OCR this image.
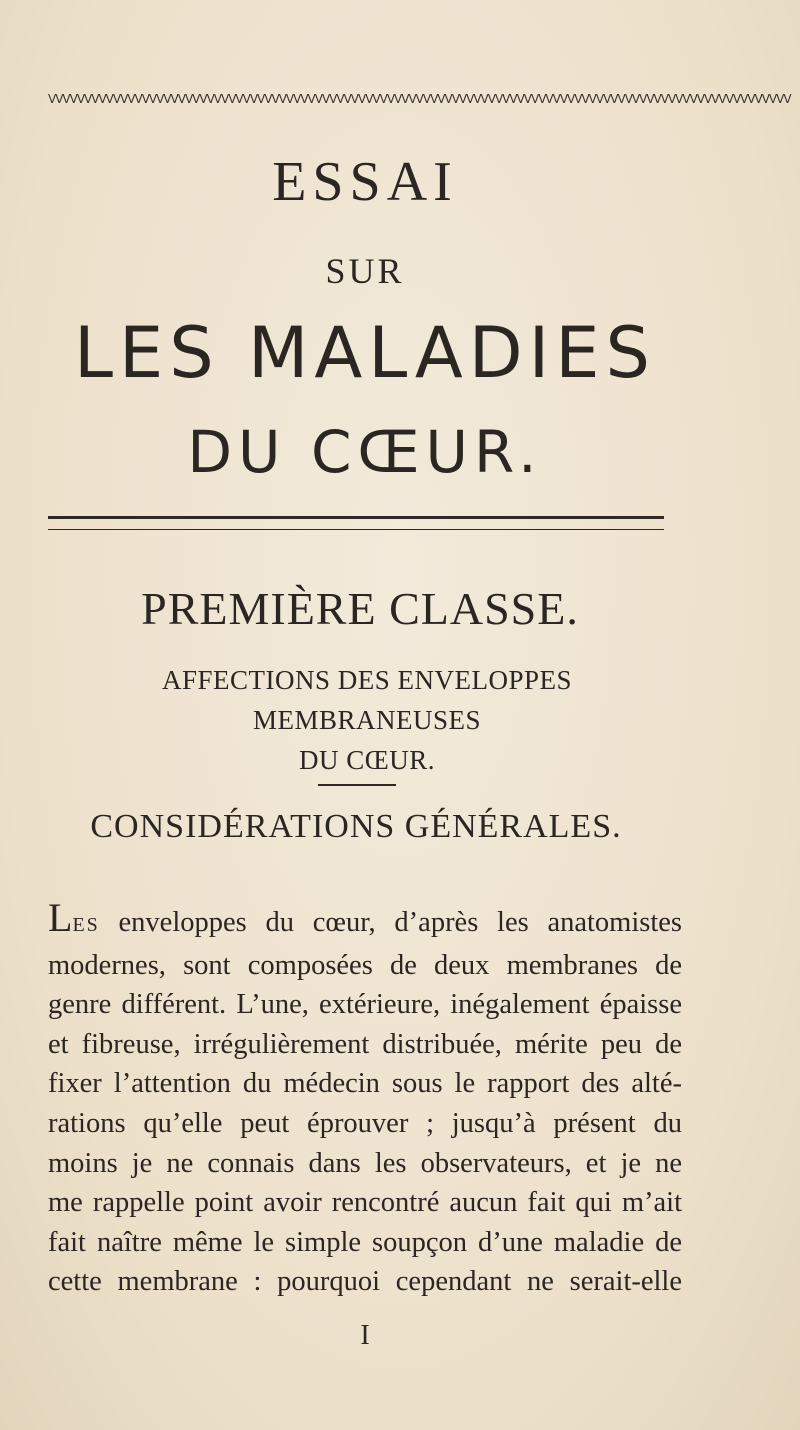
VVVVVVVVVVVVVVVVVVVVVVVVVVVVVVVVVVVVVVVVVVVVVVVVVVVVVVVVVVVVVVVVVVVVVVVVVVVVVVVVVVVVVVVVVVVVVVVVVVVVVVV
ESSAI
SUR
LES MALADIES
DU CŒUR.
PREMIÈRE CLASSE.
AFFECTIONS DES ENVELOPPES MEMBRANEUSES
DU CŒUR.
CONSIDÉRATIONS GÉNÉRALES.
LES enveloppes du cœur, d’après les anatomistes
modernes, sont composées de deux membranes de
genre différent. L’une, extérieure, inégalement épaisse
et fibreuse, irrégulièrement distribuée, mérite peu de
fixer l’attention du médecin sous le rapport des alté-
rations qu’elle peut éprouver ; jusqu’à présent du
moins je ne connais dans les observateurs, et je ne
me rappelle point avoir rencontré aucun fait qui m’ait
fait naître même le simple soupçon d’une maladie de
cette membrane : pourquoi cependant ne serait-elle
I
